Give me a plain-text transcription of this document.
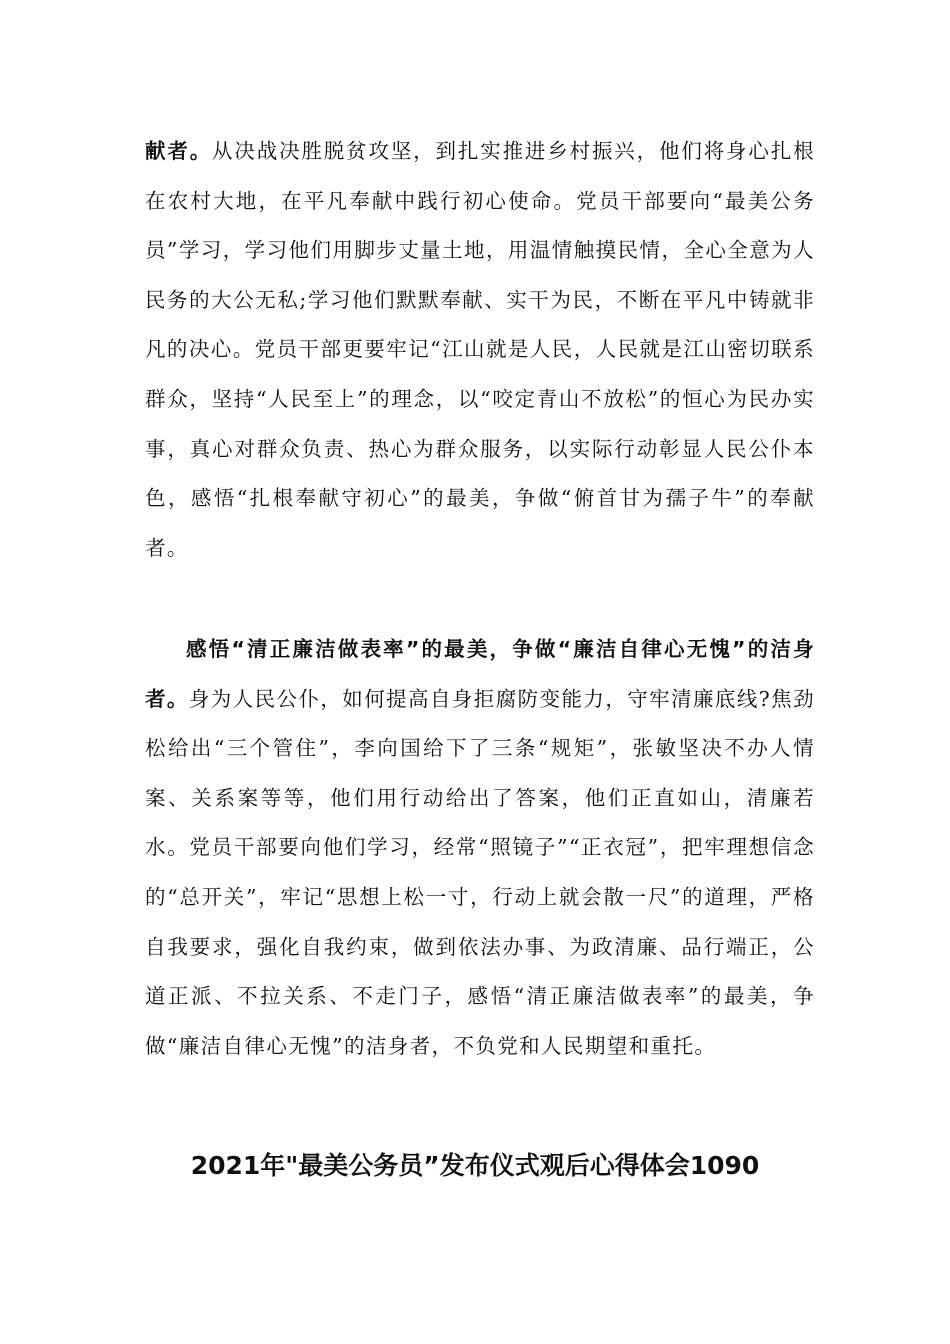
献者。从决战决胜脱贫攻坚，到扎实推进乡村振兴，他们将身心扎根在农村大地，在平凡奉献中践行初心使命。党员干部要向“最美公务员”学习，学习他们用脚步丈量土地，用温情触摸民情，全心全意为人民务的大公无私;学习他们默默奉献、实干为民，不断在平凡中铸就非凡的决心。党员干部更要牢记“江山就是人民，人民就是江山密切联系群众，坚持“人民至上”的理念，以“咬定青山不放松”的恒心为民办实事，真心对群众负责、热心为群众服务，以实际行动彰显人民公仆本色，感悟“扎根奉献守初心”的最美，争做“俯首甘为孺子牛”的奉献者。

感悟“清正廉洁做表率”的最美，争做“廉洁自律心无愧”的洁身者。身为人民公仆，如何提高自身拒腐防变能力，守牢清廉底线?焦劲松给出“三个管住”，李向国给下了三条“规矩”，张敏坚决不办人情案、关系案等等，他们用行动给出了答案，他们正直如山，清廉若水。党员干部要向他们学习，经常“照镜子”“正衣冠”，把牢理想信念的“总开关”，牢记“思想上松一寸，行动上就会散一尺”的道理，严格自我要求，强化自我约束，做到依法办事、为政清廉、品行端正，公道正派、不拉关系、不走门子，感悟“清正廉洁做表率”的最美，争做“廉洁自律心无愧”的洁身者，不负党和人民期望和重托。

2021年"最美公务员”发布仪式观后心得体会1090
